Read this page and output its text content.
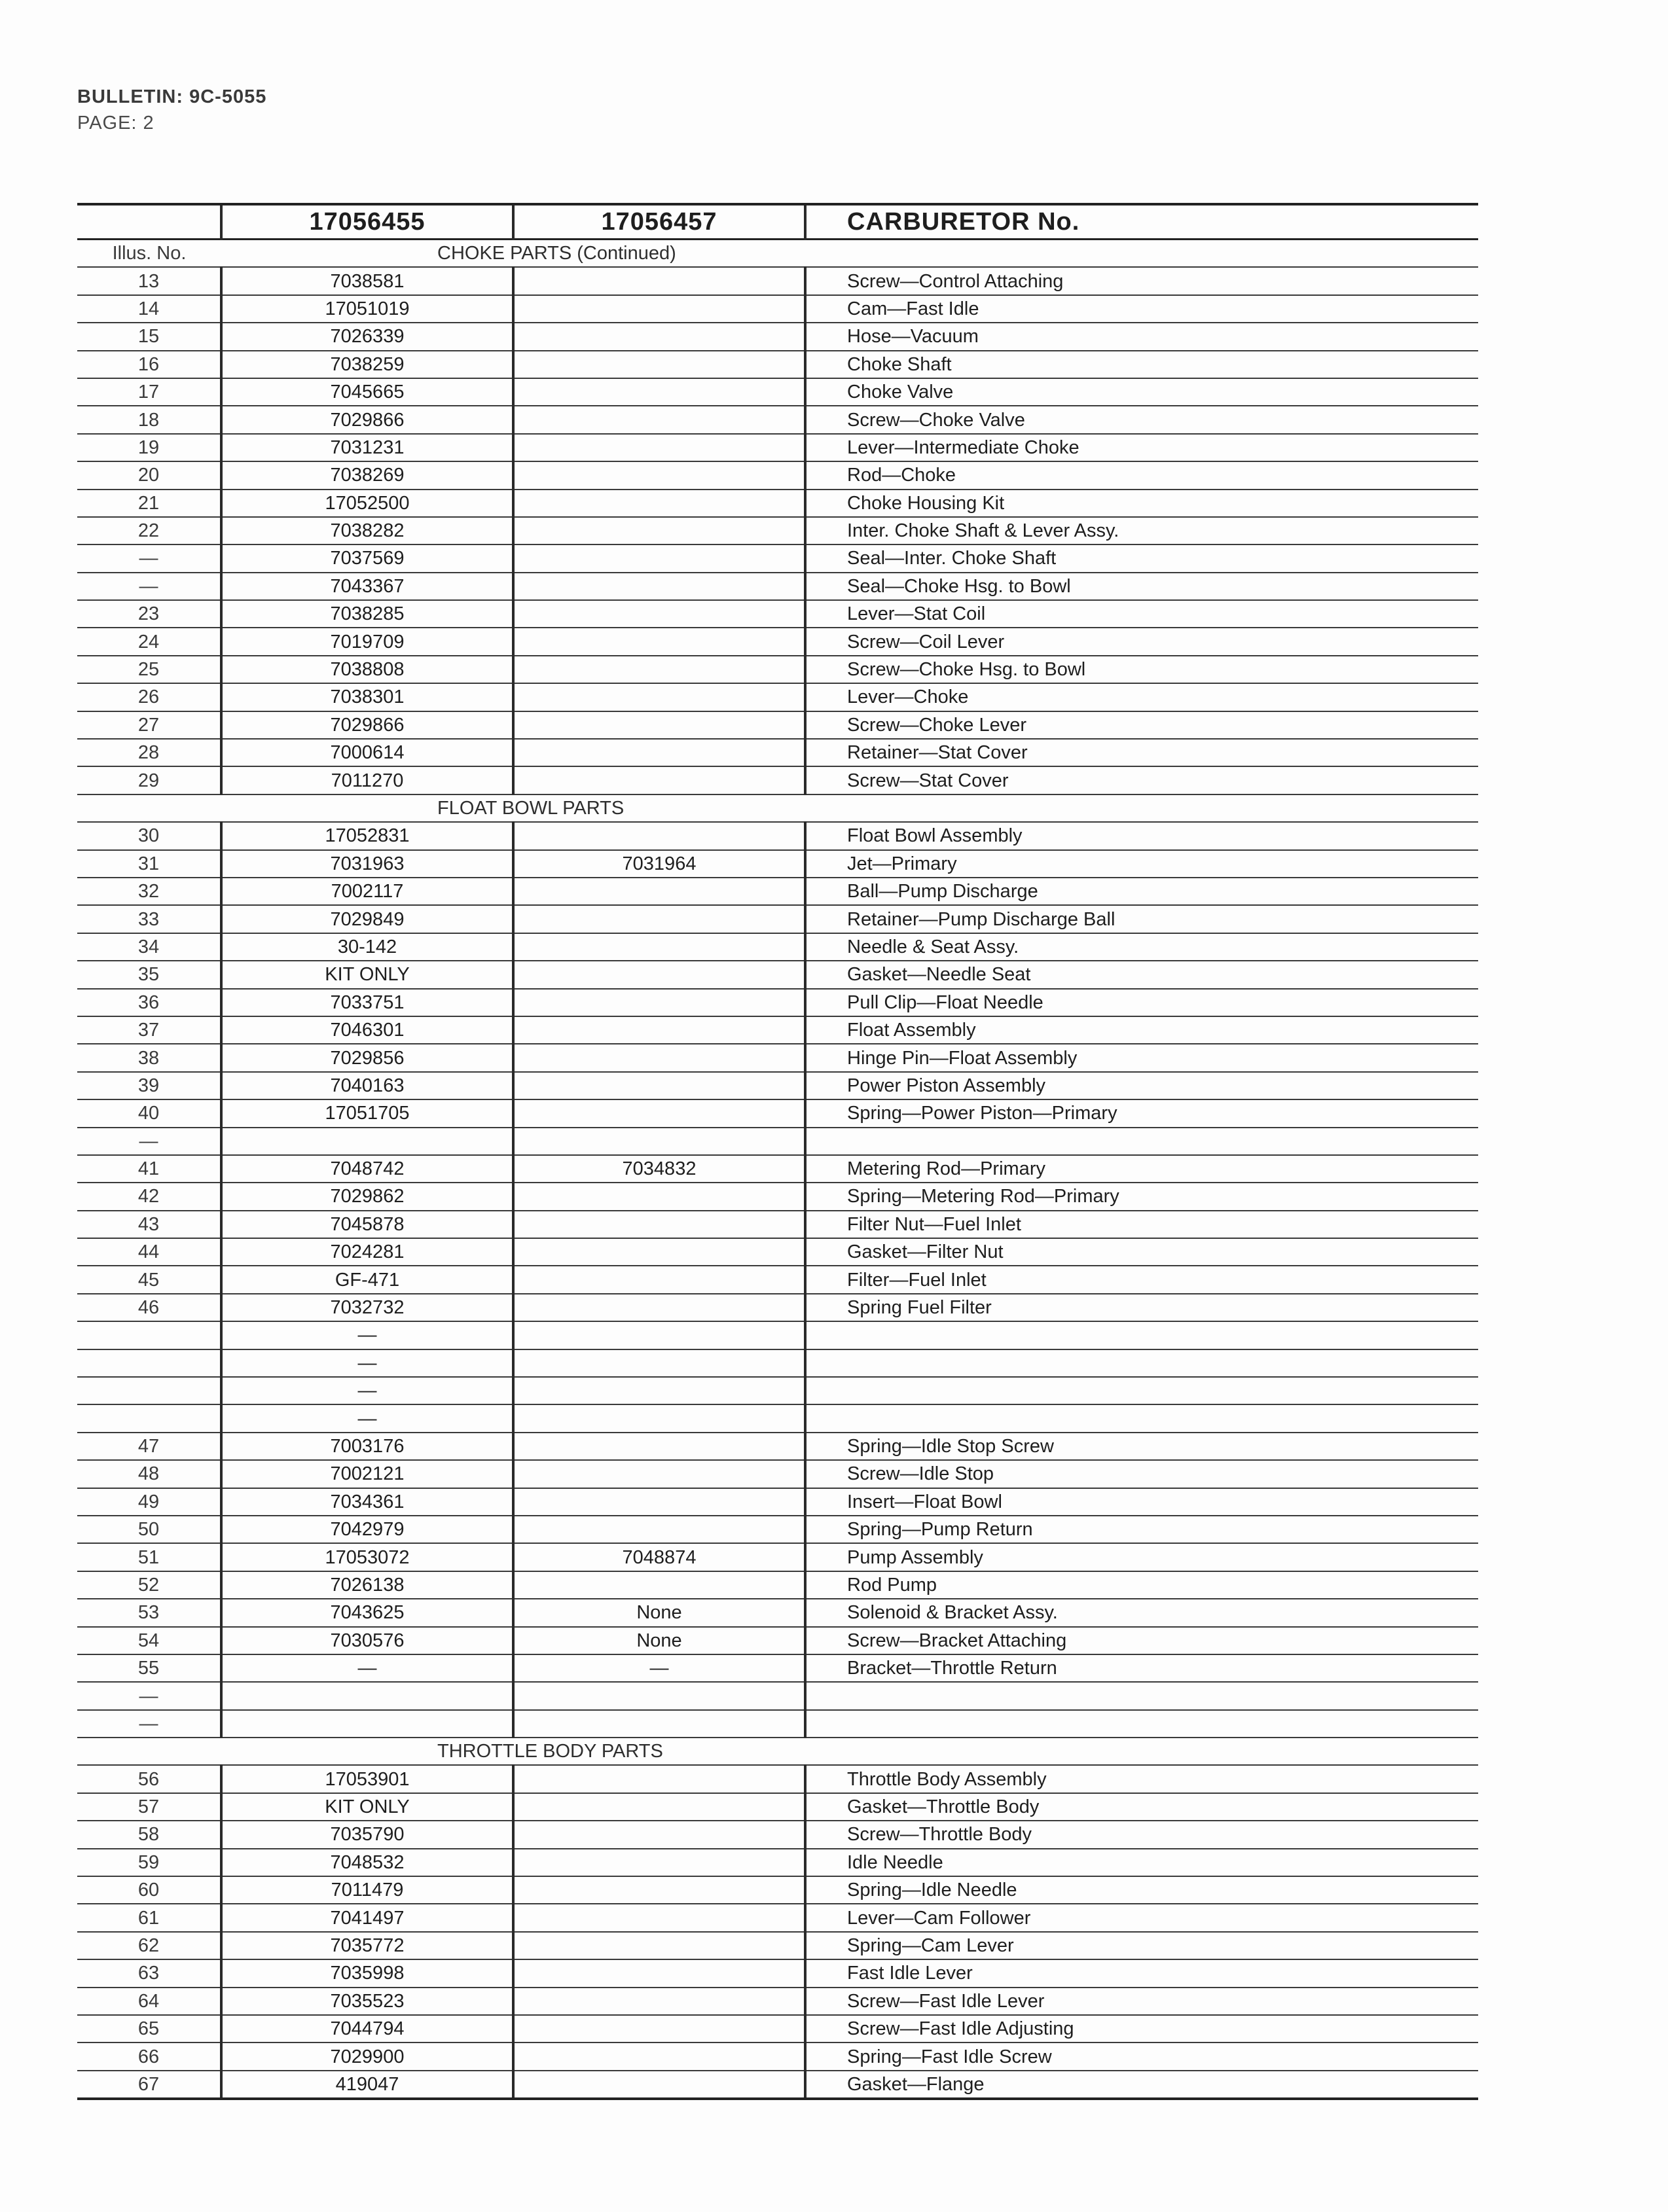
BULLETIN: 9C-5055
PAGE: 2
	17056455	17056457	CARBURETOR No.
Illus. No.	CHOKE PARTS (Continued)		
13	7038581		Screw—Control Attaching
14	17051019		Cam—Fast Idle
15	7026339		Hose—Vacuum
16	7038259		Choke Shaft
17	7045665		Choke Valve
18	7029866		Screw—Choke Valve
19	7031231		Lever—Intermediate Choke
20	7038269		Rod—Choke
21	17052500		Choke Housing Kit
22	7038282		Inter. Choke Shaft & Lever Assy.
—	7037569		Seal—Inter. Choke Shaft
—	7043367		Seal—Choke Hsg. to Bowl
23	7038285		Lever—Stat Coil
24	7019709		Screw—Coil Lever
25	7038808		Screw—Choke Hsg. to Bowl
26	7038301		Lever—Choke
27	7029866		Screw—Choke Lever
28	7000614		Retainer—Stat Cover
29	7011270		Screw—Stat Cover
	FLOAT BOWL PARTS		
30	17052831		Float Bowl Assembly
31	7031963	7031964	Jet—Primary
32	7002117		Ball—Pump Discharge
33	7029849		Retainer—Pump Discharge Ball
34	30-142		Needle & Seat Assy.
35	KIT ONLY		Gasket—Needle Seat
36	7033751		Pull Clip—Float Needle
37	7046301		Float Assembly
38	7029856		Hinge Pin—Float Assembly
39	7040163		Power Piston Assembly
40	17051705		Spring—Power Piston—Primary
—			
41	7048742	7034832	Metering Rod—Primary
42	7029862		Spring—Metering Rod—Primary
43	7045878		Filter Nut—Fuel Inlet
44	7024281		Gasket—Filter Nut
45	GF-471		Filter—Fuel Inlet
46	7032732		Spring Fuel Filter
	—		
	—		
	—		
	—		
47	7003176		Spring—Idle Stop Screw
48	7002121		Screw—Idle Stop
49	7034361		Insert—Float Bowl
50	7042979		Spring—Pump Return
51	17053072	7048874	Pump Assembly
52	7026138		Rod Pump
53	7043625	None	Solenoid & Bracket Assy.
54	7030576	None	Screw—Bracket Attaching
55	—	—	Bracket—Throttle Return
—			
—			
	THROTTLE BODY PARTS		
56	17053901		Throttle Body Assembly
57	KIT ONLY		Gasket—Throttle Body
58	7035790		Screw—Throttle Body
59	7048532		Idle Needle
60	7011479		Spring—Idle Needle
61	7041497		Lever—Cam Follower
62	7035772		Spring—Cam Lever
63	7035998		Fast Idle Lever
64	7035523		Screw—Fast Idle Lever
65	7044794		Screw—Fast Idle Adjusting
66	7029900		Spring—Fast Idle Screw
67	419047		Gasket—Flange
